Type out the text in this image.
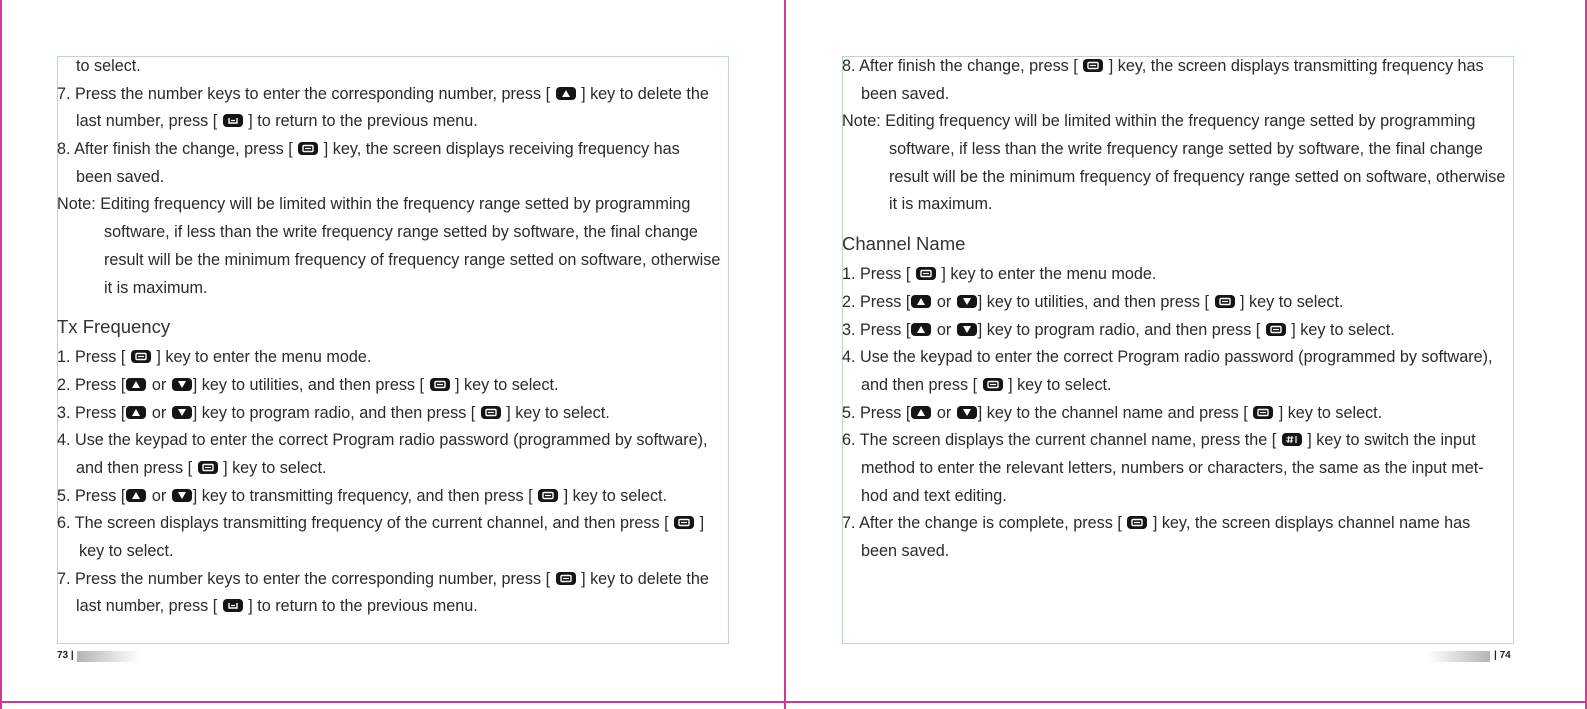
to select.
7. Press the number keys to enter the corresponding number, press [
] key to delete the
last number, press [
] to return to the previous menu.
8. After finish the change, press [
] key, the screen displays receiving frequency has
been saved.
Note: Editing frequency will be limited within the frequency range setted by programming
software, if less than the write frequency range setted by software, the final change
result will be the minimum frequency of frequency range setted on software, otherwise
it is maximum.
Tx Frequency
1. Press [
] key to enter the menu mode.
2. Press [
or
] key to utilities, and then press [
] key to select.
3. Press [
or
] key to program radio, and then press [
] key to select.
4. Use the keypad to enter the correct Program radio password (programmed by software),
and then press [
] key to select.
5. Press [
or
] key to transmitting frequency, and then press [
] key to select.
6. The screen displays transmitting frequency of the current channel, and then press [
]
key to select.
7. Press the number keys to enter the corresponding number, press [
] key to delete the
last number, press [
] to return to the previous menu.
73 |
8. After finish the change, press [
] key, the screen displays transmitting frequency has
been saved.
Note: Editing frequency will be limited within the frequency range setted by programming
software, if less than the write frequency range setted by software, the final change
result will be the minimum frequency of frequency range setted on software, otherwise
it is maximum.
Channel Name
1. Press [
] key to enter the menu mode.
2. Press [
or
] key to utilities, and then press [
] key to select.
3. Press [
or
] key to program radio, and then press [
] key to select.
4. Use the keypad to enter the correct Program radio password (programmed by software),
and then press [
] key to select.
5. Press [
or
] key to the channel name and press [
] key to select.
6. The screen displays the current channel name, press the [
] key to switch the input
method to enter the relevant letters, numbers or characters, the same as the input met-
hod and text editing.
7. After the change is complete, press [
] key, the screen displays channel name has
been saved.
| 74
